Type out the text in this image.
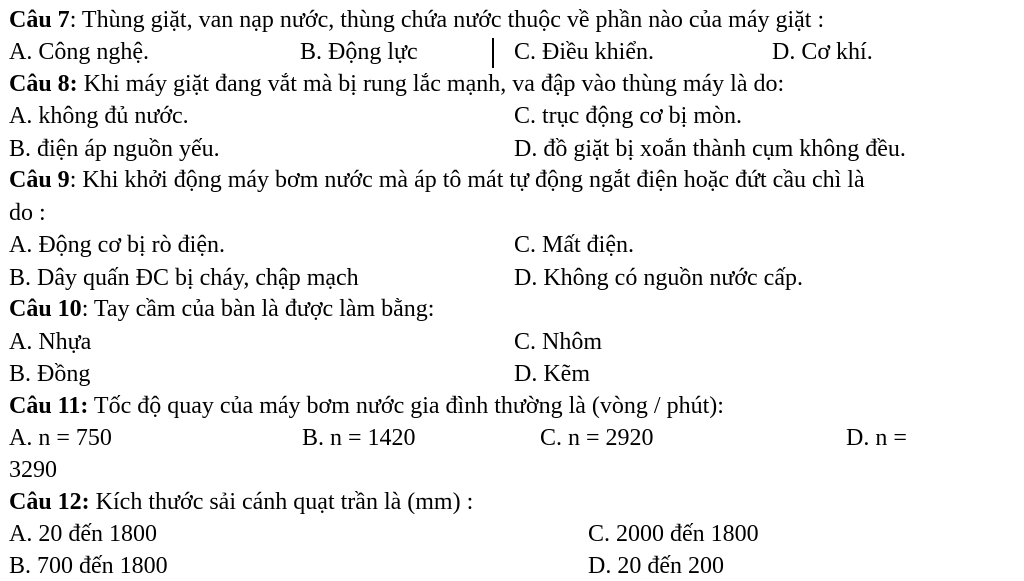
Câu 7: Thùng giặt, van nạp nước, thùng chứa nước thuộc về phần nào của máy giặt :
A. Công nghệ.	B. Động lực	C. Điều khiển.	D. Cơ khí.
Câu 8: Khi máy giặt đang vắt mà bị rung lắc mạnh, va đập vào thùng máy là do:
A. không đủ nước.	C. trục động cơ bị mòn.
B. điện áp nguồn yếu.	D. đồ giặt bị xoắn thành cụm không đều.
Câu 9: Khi khởi động máy bơm nước mà áp tô mát tự động ngắt điện hoặc đứt cầu chì là
do :
A. Động cơ bị rò điện.	C. Mất điện.
B. Dây quấn ĐC bị cháy, chập mạch	D. Không có nguồn nước cấp.
Câu 10: Tay cầm của bàn là được làm bằng:
A. Nhựa	C. Nhôm
B. Đồng	D. Kẽm
Câu 11: Tốc độ quay của máy bơm nước gia đình thường là (vòng / phút):
A. n = 750	B. n = 1420	C. n = 2920	D. n =
3290
Câu 12: Kích thước sải cánh quạt trần là (mm) :
A. 20 đến 1800	C. 2000 đến 1800
B. 700 đến 1800	D. 20 đến 200
